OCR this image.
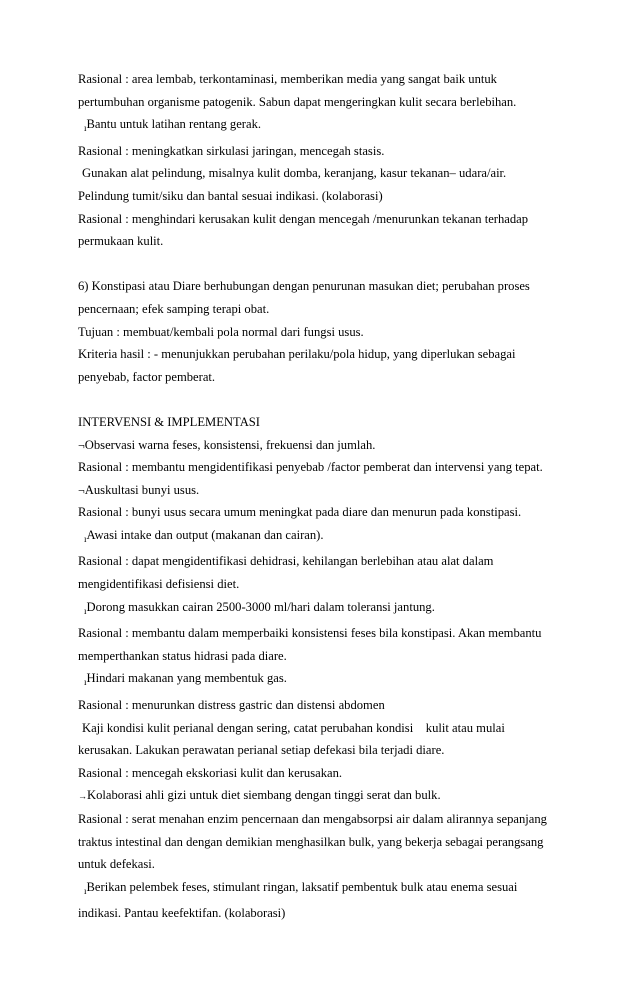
Rasional : area lembab, terkontaminasi, memberikan media yang sangat baik untuk
pertumbuhan organisme patogenik. Sabun dapat mengeringkan kulit secara berlebihan.
ıBantu untuk latihan rentang gerak.
Rasional : meningkatkan sirkulasi jaringan, mencegah stasis.
Gunakan alat pelindung, misalnya kulit domba, keranjang, kasur tekanan– udara/air.
Pelindung tumit/siku dan bantal sesuai indikasi. (kolaborasi)
Rasional : menghindari kerusakan kulit dengan mencegah /menurunkan tekanan terhadap
permukaan kulit.
6) Konstipasi atau Diare berhubungan dengan penurunan masukan diet; perubahan proses
pencernaan; efek samping terapi obat.
Tujuan : membuat/kembali pola normal dari fungsi usus.
Kriteria hasil : - menunjukkan perubahan perilaku/pola hidup, yang diperlukan sebagai
penyebab, factor pemberat.
INTERVENSI & IMPLEMENTASI
¬Observasi warna feses, konsistensi, frekuensi dan jumlah.
Rasional : membantu mengidentifikasi penyebab /factor pemberat dan intervensi yang tepat.
¬Auskultasi bunyi usus.
Rasional : bunyi usus secara umum meningkat pada diare dan menurun pada konstipasi.
ıAwasi intake dan output (makanan dan cairan).
Rasional : dapat mengidentifikasi dehidrasi, kehilangan berlebihan atau alat dalam
mengidentifikasi defisiensi diet.
ıDorong masukkan cairan 2500-3000 ml/hari dalam toleransi jantung.
Rasional : membantu dalam memperbaiki konsistensi feses bila konstipasi. Akan membantu
memperthankan status hidrasi pada diare.
ıHindari makanan yang membentuk gas.
Rasional : menurunkan distress gastric dan distensi abdomen
Kaji kondisi kulit perianal dengan sering, catat perubahan kondisi    kulit atau mulai
kerusakan. Lakukan perawatan perianal setiap defekasi bila terjadi diare.
Rasional : mencegah ekskoriasi kulit dan kerusakan.
→Kolaborasi ahli gizi untuk diet siembang dengan tinggi serat dan bulk.
Rasional : serat menahan enzim pencernaan dan mengabsorpsi air dalam alirannya sepanjang
traktus intestinal dan dengan demikian menghasilkan bulk, yang bekerja sebagai perangsang
untuk defekasi.
ıBerikan pelembek feses, stimulant ringan, laksatif pembentuk bulk atau enema sesuai
indikasi. Pantau keefektifan. (kolaborasi)
